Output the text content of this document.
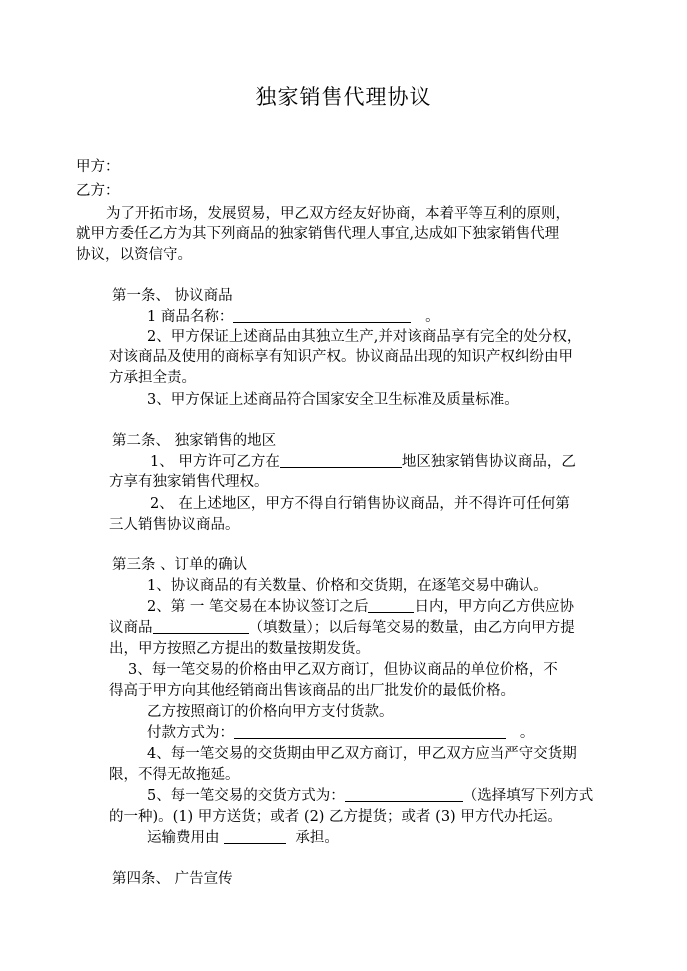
独家销售代理协议
甲方：
乙方：
为了开拓市场，发展贸易，甲乙双方经友好协商，本着平等互利的原则，
就甲方委任乙方为其下列商品的独家销售代理人事宜,达成如下独家销售代理
协议，以资信守。
第一条、 协议商品
1 商品名称：	。
2、甲方保证上述商品由其独立生产,并对该商品享有完全的处分权，
对该商品及使用的商标享有知识产权。协议商品出现的知识产权纠纷由甲
方承担全责。
3、甲方保证上述商品符合国家安全卫生标准及质量标准。
第二条、 独家销售的地区
1、 甲方许可乙方在	地区独家销售协议商品，乙
方享有独家销售代理权。
2、 在上述地区，甲方不得自行销售协议商品，并不得许可任何第
三人销售协议商品。
第三条 、订单的确认
1、协议商品的有关数量、价格和交货期，在逐笔交易中确认。
2、第 一 笔交易在本协议签订之后	日内，甲方向乙方供应协
议商品	（填数量）；以后每笔交易的数量，由乙方向甲方提
出，甲方按照乙方提出的数量按期发货。
3、每一笔交易的价格由甲乙双方商订，但协议商品的单位价格，不
得高于甲方向其他经销商出售该商品的出厂批发价的最低价格。
乙方按照商订的价格向甲方支付货款。
付款方式为：	。
4、每一笔交易的交货期由甲乙双方商订，甲乙双方应当严守交货期
限，不得无故拖延。
5、每一笔交易的交货方式为：	（选择填写下列方式
的一种)。(1) 甲方送货；或者 (2) 乙方提货；或者 (3) 甲方代办托运。
运输费用由	承担。
第四条、 广告宣传
